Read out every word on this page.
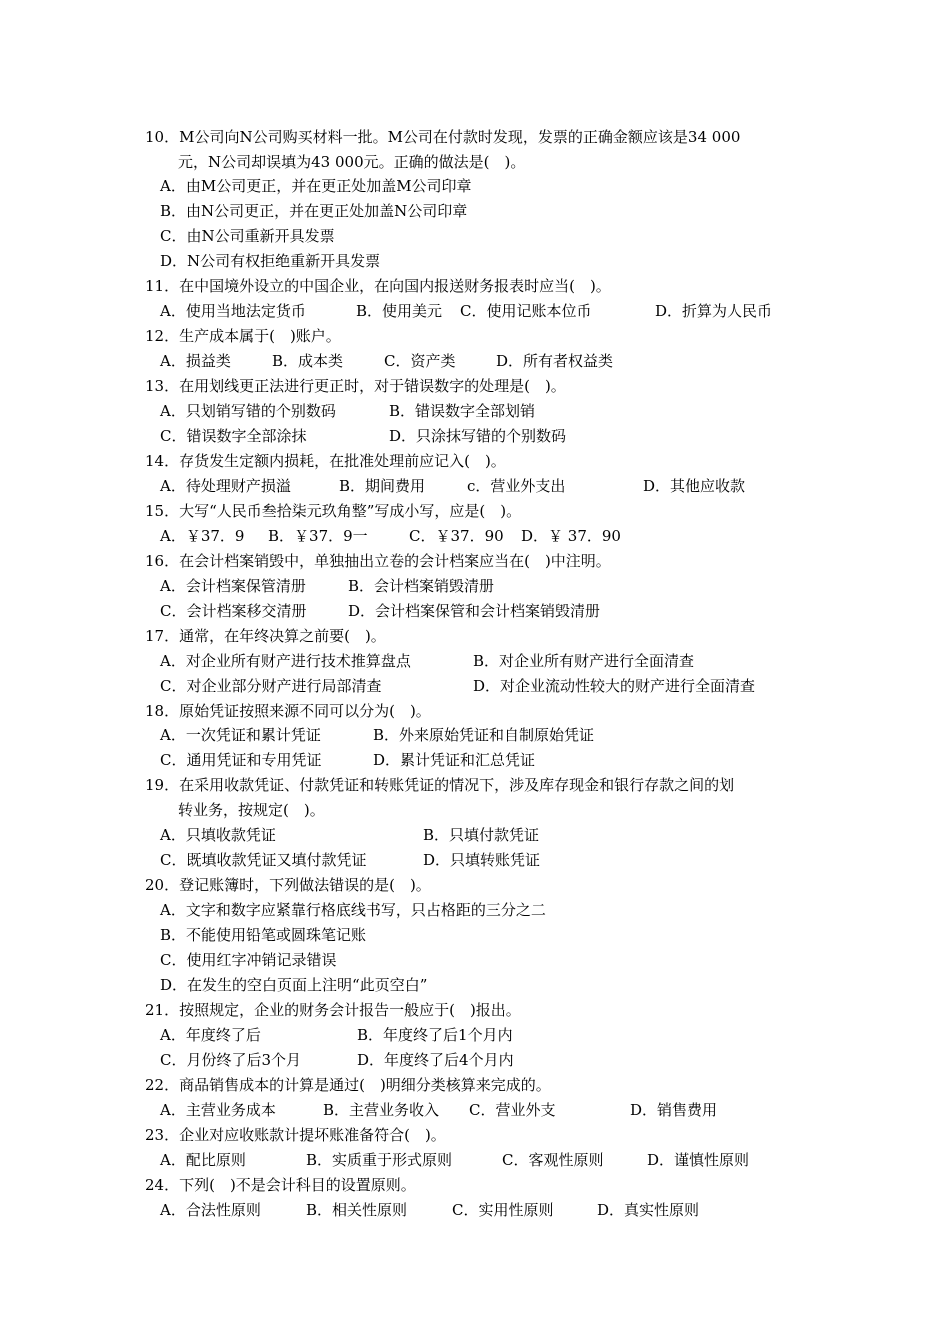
10．M公司向N公司购买材料一批。M公司在付款时发现，发票的正确金额应该是34 000
元，N公司却误填为43 000元。正确的做法是(　)。
A．由M公司更正，并在更正处加盖M公司印章
B．由N公司更正，并在更正处加盖N公司印章
C．由N公司重新开具发票
D．N公司有权拒绝重新开具发票
11．在中国境外设立的中国企业，在向国内报送财务报表时应当(　)。
A．使用当地法定货币	B．使用美元 C．使用记账本位币	D．折算为人民币
12．生产成本属于(　)账户。
A．损益类	B．成本类	C．资产类	D．所有者权益类
13．在用划线更正法进行更正时，对于错误数字的处理是(　)。
A．只划销写错的个别数码	B．错误数字全部划销
C．错误数字全部涂抹	D．只涂抹写错的个别数码
14．存货发生定额内损耗，在批准处理前应记入(　)。
A．待处理财产损溢	B．期间费用	c．营业外支出	D．其他应收款
15．大写“人民币叁拾柒元玖角整”写成小写，应是(　)。
A．￥37．9 B．￥37．9一	C．￥37．90 D．￥ 37．90
16．在会计档案销毁中，单独抽出立卷的会计档案应当在(　)中注明。
A．会计档案保管清册	B．会计档案销毁清册
C．会计档案移交清册	D．会计档案保管和会计档案销毁清册
17．通常，在年终决算之前要(　)。
A．对企业所有财产进行技术推算盘点	B．对企业所有财产进行全面清查
C．对企业部分财产进行局部清查	D．对企业流动性较大的财产进行全面清查
18．原始凭证按照来源不同可以分为(　)。
A．一次凭证和累计凭证	B．外来原始凭证和自制原始凭证
C．通用凭证和专用凭证	D．累计凭证和汇总凭证
19．在采用收款凭证、付款凭证和转账凭证的情况下，涉及库存现金和银行存款之间的划
转业务，按规定(　)。
A．只填收款凭证	B．只填付款凭证
C．既填收款凭证又填付款凭证	D．只填转账凭证
20．登记账簿时，下列做法错误的是(　)。
A．文字和数字应紧靠行格底线书写，只占格距的三分之二
B．不能使用铅笔或圆珠笔记账
C．使用红字冲销记录错误
D．在发生的空白页面上注明“此页空白”
21．按照规定，企业的财务会计报告一般应于(　)报出。
A．年度终了后	B．年度终了后1个月内
C．月份终了后3个月	D．年度终了后4个月内
22．商品销售成本的计算是通过(　)明细分类核算来完成的。
A．主营业务成本	B．主营业务收入 C．营业外支	D．销售费用
23．企业对应收账款计提坏账准备符合(　)。
A．配比原则	B．实质重于形式原则	C．客观性原则	D．谨慎性原则
24．下列(　)不是会计科目的设置原则。
A．合法性原则	B．相关性原则	C．实用性原则	D．真实性原则
